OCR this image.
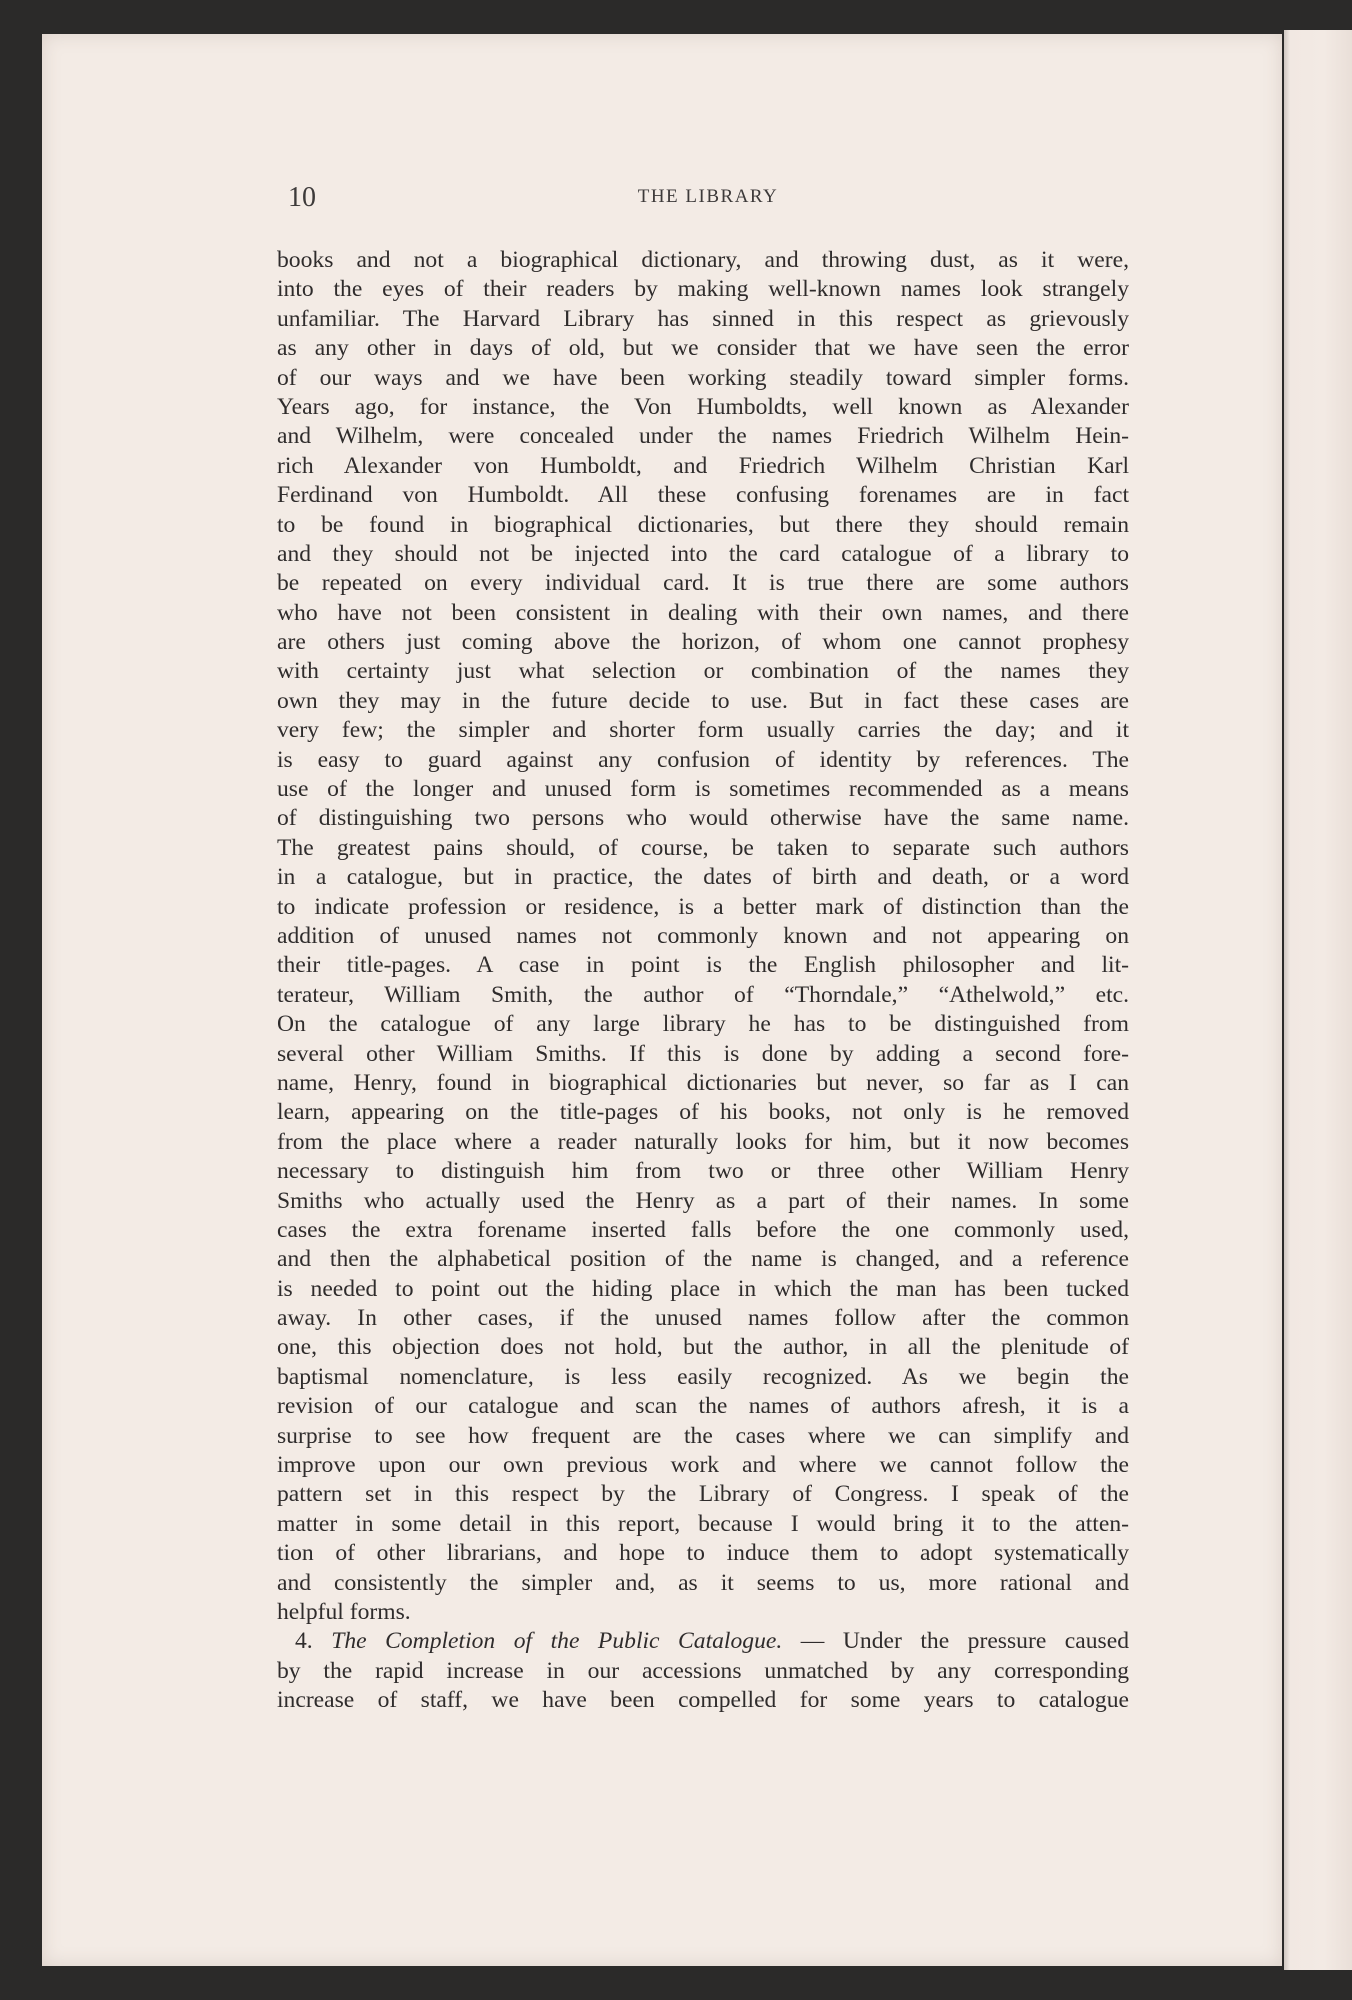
10	THE LIBRARY
books and not a biographical dictionary, and throwing dust, as it were,
into the eyes of their readers by making well-known names look strangely
unfamiliar. The Harvard Library has sinned in this respect as grievously
as any other in days of old, but we consider that we have seen the error
of our ways and we have been working steadily toward simpler forms.
Years ago, for instance, the Von Humboldts, well known as Alexander
and Wilhelm, were concealed under the names Friedrich Wilhelm Hein-
rich Alexander von Humboldt, and Friedrich Wilhelm Christian Karl
Ferdinand von Humboldt. All these confusing forenames are in fact
to be found in biographical dictionaries, but there they should remain
and they should not be injected into the card catalogue of a library to
be repeated on every individual card. It is true there are some authors
who have not been consistent in dealing with their own names, and there
are others just coming above the horizon, of whom one cannot prophesy
with certainty just what selection or combination of the names they
own they may in the future decide to use. But in fact these cases are
very few; the simpler and shorter form usually carries the day; and it
is easy to guard against any confusion of identity by references. The
use of the longer and unused form is sometimes recommended as a means
of distinguishing two persons who would otherwise have the same name.
The greatest pains should, of course, be taken to separate such authors
in a catalogue, but in practice, the dates of birth and death, or a word
to indicate profession or residence, is a better mark of distinction than the
addition of unused names not commonly known and not appearing on
their title-pages. A case in point is the English philosopher and lit-
terateur, William Smith, the author of “Thorndale,” “Athelwold,” etc.
On the catalogue of any large library he has to be distinguished from
several other William Smiths. If this is done by adding a second fore-
name, Henry, found in biographical dictionaries but never, so far as I can
learn, appearing on the title-pages of his books, not only is he removed
from the place where a reader naturally looks for him, but it now becomes
necessary to distinguish him from two or three other William Henry
Smiths who actually used the Henry as a part of their names. In some
cases the extra forename inserted falls before the one commonly used,
and then the alphabetical position of the name is changed, and a reference
is needed to point out the hiding place in which the man has been tucked
away. In other cases, if the unused names follow after the common
one, this objection does not hold, but the author, in all the plenitude of
baptismal nomenclature, is less easily recognized. As we begin the
revision of our catalogue and scan the names of authors afresh, it is a
surprise to see how frequent are the cases where we can simplify and
improve upon our own previous work and where we cannot follow the
pattern set in this respect by the Library of Congress. I speak of the
matter in some detail in this report, because I would bring it to the atten-
tion of other librarians, and hope to induce them to adopt systematically
and consistently the simpler and, as it seems to us, more rational and
helpful forms.
4. The Completion of the Public Catalogue. — Under the pressure caused
by the rapid increase in our accessions unmatched by any corresponding
increase of staff, we have been compelled for some years to catalogue
